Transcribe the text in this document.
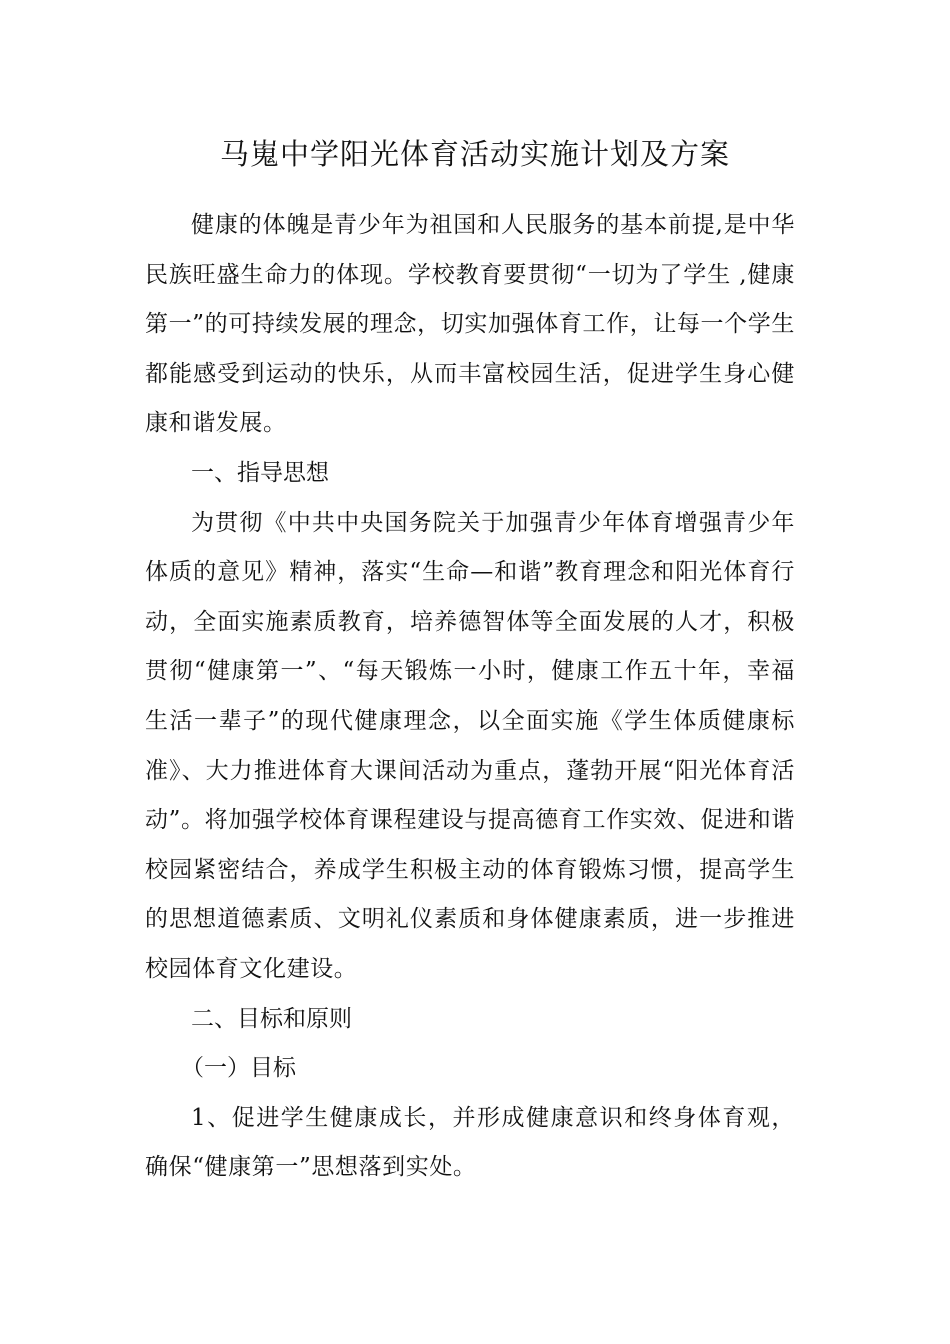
马嵬中学阳光体育活动实施计划及方案

健康的体魄是青少年为祖国和人民服务的基本前提,是中华民族旺盛生命力的体现。学校教育要贯彻“一切为了学生 ,健康第一”的可持续发展的理念，切实加强体育工作，让每一个学生都能感受到运动的快乐，从而丰富校园生活，促进学生身心健康和谐发展。

一、指导思想

为贯彻《中共中央国务院关于加强青少年体育增强青少年体质的意见》精神，落实“生命—和谐”教育理念和阳光体育行动，全面实施素质教育，培养德智体等全面发展的人才，积极贯彻“健康第一”、“每天锻炼一小时，健康工作五十年，幸福生活一辈子”的现代健康理念，以全面实施《学生体质健康标准》、大力推进体育大课间活动为重点，蓬勃开展“阳光体育活动”。将加强学校体育课程建设与提高德育工作实效、促进和谐校园紧密结合，养成学生积极主动的体育锻炼习惯，提高学生的思想道德素质、文明礼仪素质和身体健康素质，进一步推进校园体育文化建设。

二、目标和原则

（一）目标

1、促进学生健康成长，并形成健康意识和终身体育观，确保“健康第一”思想落到实处。
